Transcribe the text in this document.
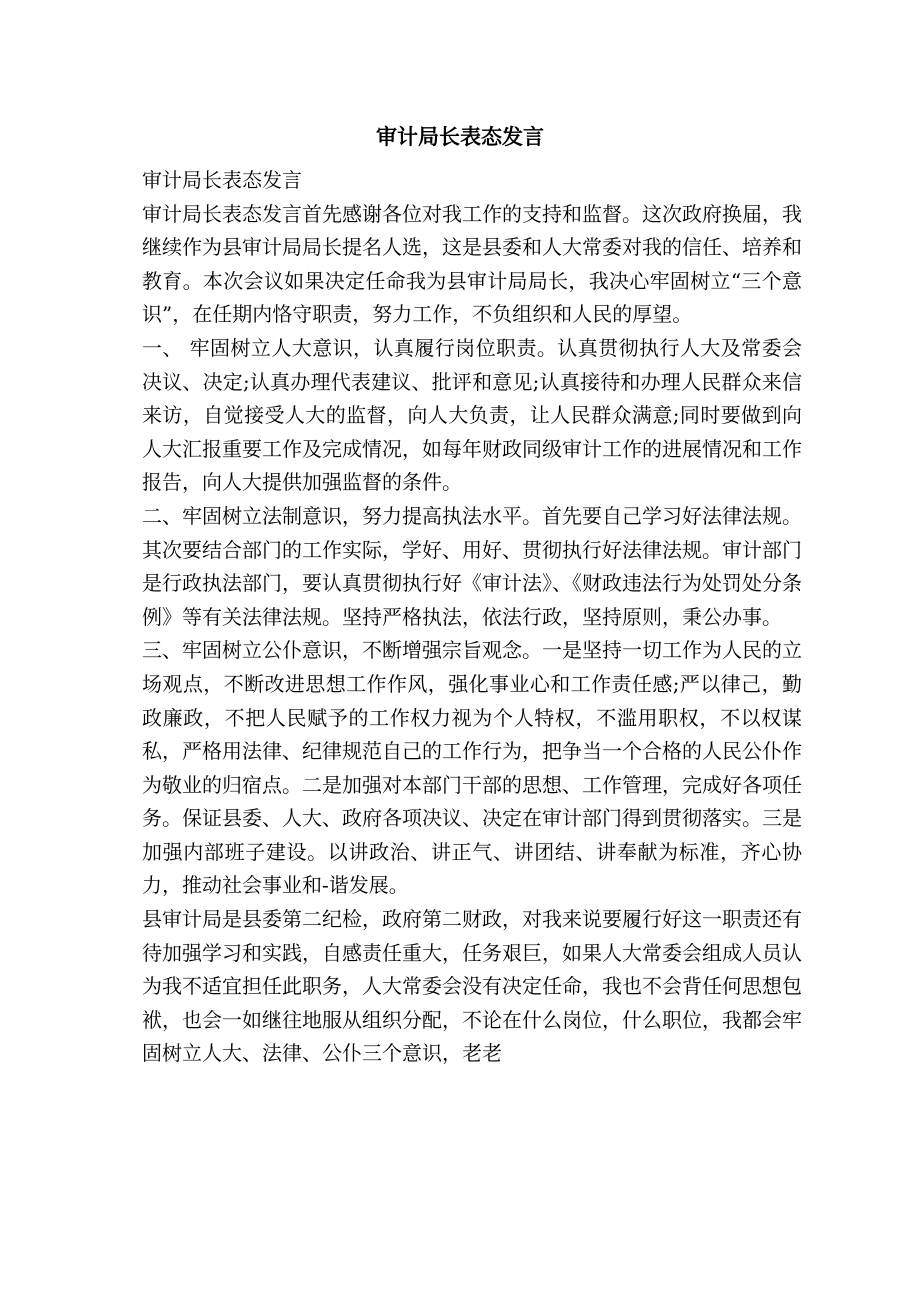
审计局长表态发言

审计局长表态发言

审计局长表态发言首先感谢各位对我工作的支持和监督。这次政府换届，我继续作为县审计局局长提名人选，这是县委和人大常委对我的信任、培养和教育。本次会议如果决定任命我为县审计局局长，我决心牢固树立“三个意识”，在任期内恪守职责，努力工作，不负组织和人民的厚望。

一、 牢固树立人大意识，认真履行岗位职责。认真贯彻执行人大及常委会决议、决定;认真办理代表建议、批评和意见;认真接待和办理人民群众来信来访，自觉接受人大的监督，向人大负责，让人民群众满意;同时要做到向人大汇报重要工作及完成情况，如每年财政同级审计工作的进展情况和工作报告，向人大提供加强监督的条件。

二、牢固树立法制意识，努力提高执法水平。首先要自己学习好法律法规。其次要结合部门的工作实际，学好、用好、贯彻执行好法律法规。审计部门是行政执法部门，要认真贯彻执行好《审计法》、《财政违法行为处罚处分条例》等有关法律法规。坚持严格执法，依法行政，坚持原则，秉公办事。

三、牢固树立公仆意识，不断增强宗旨观念。一是坚持一切工作为人民的立场观点，不断改进思想工作作风，强化事业心和工作责任感;严以律己，勤政廉政，不把人民赋予的工作权力视为个人特权，不滥用职权，不以权谋私，严格用法律、纪律规范自己的工作行为，把争当一个合格的人民公仆作为敬业的归宿点。二是加强对本部门干部的思想、工作管理，完成好各项任务。保证县委、人大、政府各项决议、决定在审计部门得到贯彻落实。三是加强内部班子建设。以讲政治、讲正气、讲团结、讲奉献为标准，齐心协力，推动社会事业和-谐发展。

县审计局是县委第二纪检，政府第二财政，对我来说要履行好这一职责还有待加强学习和实践，自感责任重大，任务艰巨，如果人大常委会组成人员认为我不适宜担任此职务，人大常委会没有决定任命，我也不会背任何思想包袱，也会一如继往地服从组织分配，不论在什么岗位，什么职位，我都会牢固树立人大、法律、公仆三个意识，老老
